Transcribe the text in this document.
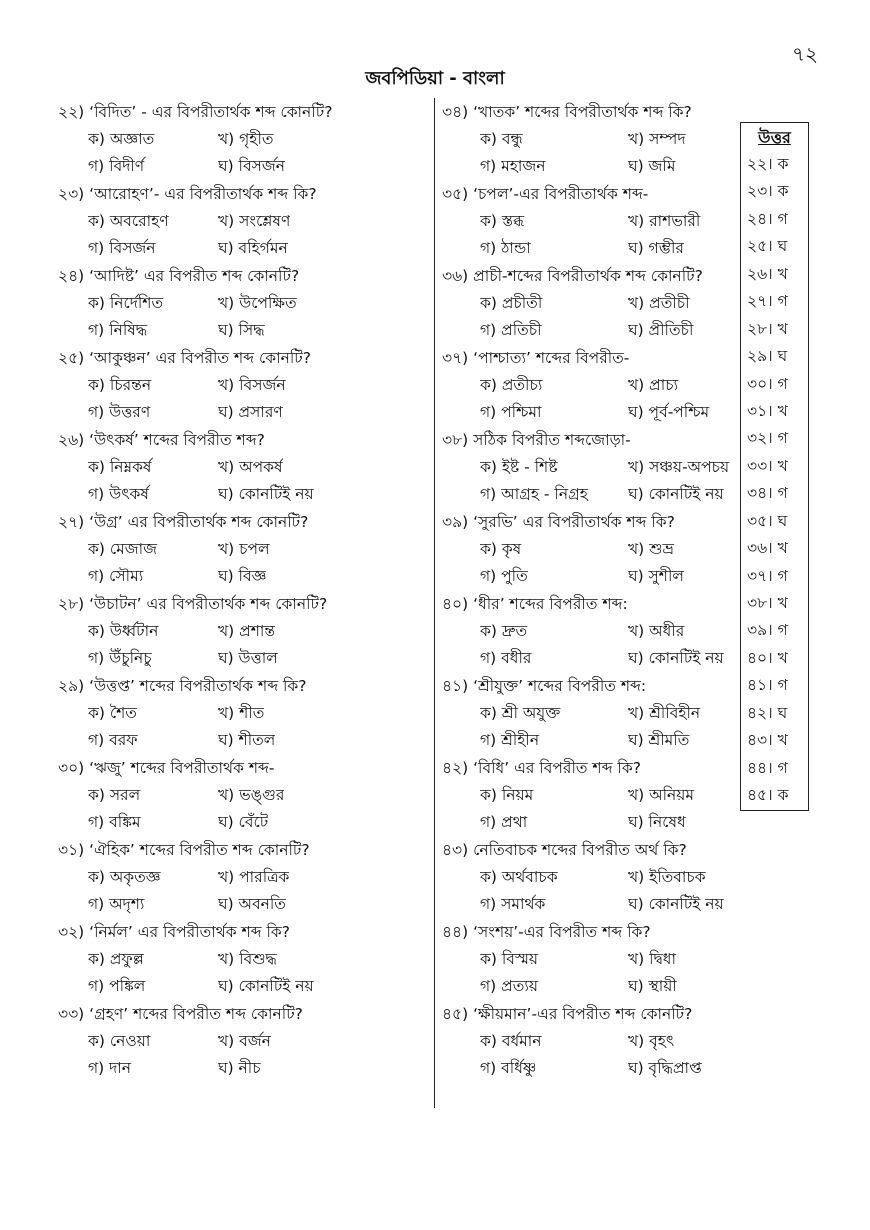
৭২
জবপিডিয়া - বাংলা
২২) ‘বিদিত’ - এর বিপরীতার্থক শব্দ কোনটি?
ক) অজ্ঞাত	খ) গৃহীত
গ) বিদীর্ণ	ঘ) বিসর্জন
২৩) ‘আরোহণ’- এর বিপরীতার্থক শব্দ কি?
ক) অবরোহণ	খ) সংশ্লেষণ
গ) বিসর্জন	ঘ) বহির্গমন
২৪) ‘আদিষ্ট’ এর বিপরীত শব্দ কোনটি?
ক) নির্দেশিত	খ) উপেক্ষিত
গ) নিষিদ্ধ	ঘ) সিদ্ধ
২৫) ‘আকুঞ্চন’ এর বিপরীত শব্দ কোনটি?
ক) চিরন্তন	খ) বিসর্জন
গ) উত্তরণ	ঘ) প্রসারণ
২৬) ‘উৎকর্ষ’ শব্দের বিপরীত শব্দ?
ক) নিম্নকর্ষ	খ) অপকর্ষ
গ) উৎকর্ষ	ঘ) কোনটিই নয়
২৭) ‘উগ্র’ এর বিপরীতার্থক শব্দ কোনটি?
ক) মেজাজ	খ) চপল
গ) সৌম্য	ঘ) বিজ্ঞ
২৮) ‘উচাটন’ এর বিপরীতার্থক শব্দ কোনটি?
ক) উর্ধ্বটান	খ) প্রশান্ত
গ) উঁচুনিচু	ঘ) উত্তাল
২৯) ‘উত্তপ্ত’ শব্দের বিপরীতার্থক শব্দ কি?
ক) শৈত	খ) শীত
গ) বরফ	ঘ) শীতল
৩০) ‘ঋজু’ শব্দের বিপরীতার্থক শব্দ-
ক) সরল	খ) ভঙ্গুর
গ) বঙ্কিম	ঘ) বেঁটে
৩১) ‘ঐহিক’ শব্দের বিপরীত শব্দ কোনটি?
ক) অকৃতজ্ঞ	খ) পারত্রিক
গ) অদৃশ্য	ঘ) অবনতি
৩২) ‘নির্মল’ এর বিপরীতার্থক শব্দ কি?
ক) প্রফুল্ল	খ) বিশুদ্ধ
গ) পঙ্কিল	ঘ) কোনটিই নয়
৩৩) ‘গ্রহণ’ শব্দের বিপরীত শব্দ কোনটি?
ক) নেওয়া	খ) বর্জন
গ) দান	ঘ) নীচ
৩৪) ‘খাতক’ শব্দের বিপরীতার্থক শব্দ কি?
ক) বন্ধু	খ) সম্পদ
গ) মহাজন	ঘ) জমি
৩৫) ‘চপল’-এর বিপরীতার্থক শব্দ-
ক) স্তব্ধ	খ) রাশভারী
গ) ঠান্ডা	ঘ) গম্ভীর
৩৬) প্রাচী-শব্দের বিপরীতার্থক শব্দ কোনটি?
ক) প্রচীতী	খ) প্রতীচী
গ) প্রতিচী	ঘ) প্রীতিচী
৩৭) ‘পাশ্চাত্য’ শব্দের বিপরীত-
ক) প্রতীচ্য	খ) প্রাচ্য
গ) পশ্চিমা	ঘ) পূর্ব-পশ্চিম
৩৮) সঠিক বিপরীত শব্দজোড়া-
ক) ইষ্ট - শিষ্ট	খ) সঞ্চয়-অপচয়
গ) আগ্রহ - নিগ্রহ	ঘ) কোনটিই নয়
৩৯) ‘সুরভি’ এর বিপরীতার্থক শব্দ কি?
ক) কৃষ	খ) শুভ্র
গ) পুতি	ঘ) সুশীল
৪০) ‘ধীর’ শব্দের বিপরীত শব্দ:
ক) দ্রুত	খ) অধীর
গ) বধীর	ঘ) কোনটিই নয়
৪১) ‘শ্রীযুক্ত’ শব্দের বিপরীত শব্দ:
ক) শ্রী অযুক্ত	খ) শ্রীবিহীন
গ) শ্রীহীন	ঘ) শ্রীমতি
৪২) ‘বিধি’ এর বিপরীত শব্দ কি?
ক) নিয়ম	খ) অনিয়ম
গ) প্রথা	ঘ) নিষেধ
৪৩) নেতিবাচক শব্দের বিপরীত অর্থ কি?
ক) অর্থবাচক	খ) ইতিবাচক
গ) সমার্থক	ঘ) কোনটিই নয়
৪৪) ‘সংশয়’-এর বিপরীত শব্দ কি?
ক) বিস্ময়	খ) দ্বিধা
গ) প্রত্যয়	ঘ) স্থায়ী
৪৫) ‘ক্ষীয়মান’-এর বিপরীত শব্দ কোনটি?
ক) বর্ধমান	খ) বৃহৎ
গ) বর্ধিষ্ণু	ঘ) বৃদ্ধিপ্রাপ্ত
উত্তর
২২। ক
২৩। ক
২৪। গ
২৫। ঘ
২৬। খ
২৭। গ
২৮। খ
২৯। ঘ
৩০। গ
৩১। খ
৩২। গ
৩৩। খ
৩৪। গ
৩৫। ঘ
৩৬। খ
৩৭। গ
৩৮। খ
৩৯। গ
৪০। খ
৪১। গ
৪২। ঘ
৪৩। খ
৪৪। গ
৪৫। ক
